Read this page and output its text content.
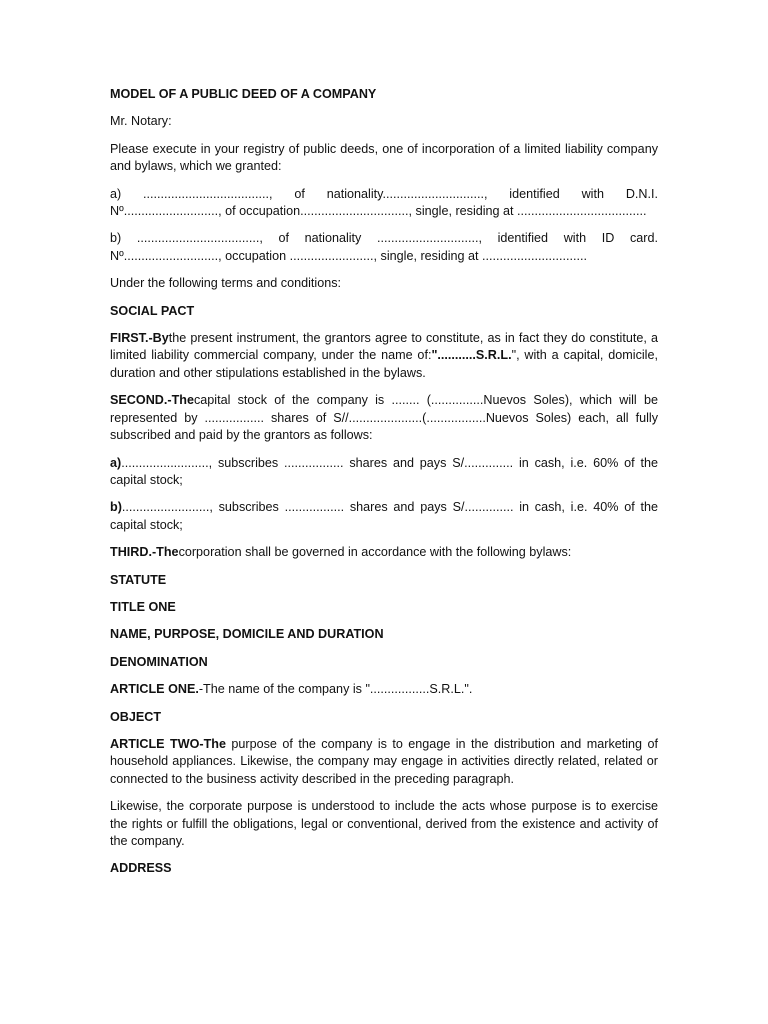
MODEL OF A PUBLIC DEED OF A COMPANY

Mr. Notary:

Please execute in your registry of public deeds, one of incorporation of a limited liability company and bylaws, which we granted:

a) ...................................., of nationality............................., identified with D.N.I. Nº..........................., of occupation..............................., single, residing at .....................................

b) ..................................., of nationality ............................., identified with ID card. Nº..........................., occupation ........................, single, residing at ..............................

Under the following terms and conditions:

SOCIAL PACT

FIRST.-Bythe present instrument, the grantors agree to constitute, as in fact they do constitute, a limited liability commercial company, under the name of:"...........S.R.L.", with a capital, domicile, duration and other stipulations established in the bylaws.

SECOND.-Thecapital stock of the company is ........ (...............Nuevos Soles), which will be represented by ................. shares of S//.....................(.................Nuevos Soles) each, all fully subscribed and paid by the grantors as follows:

a)........................., subscribes ................. shares and pays S/.............. in cash, i.e. 60% of the capital stock;

b)........................., subscribes ................. shares and pays S/.............. in cash, i.e. 40% of the capital stock;

THIRD.-Thecorporation shall be governed in accordance with the following bylaws:

STATUTE

TITLE ONE

NAME, PURPOSE, DOMICILE AND DURATION

DENOMINATION

ARTICLE ONE.-The name of the company is ".................S.R.L.".

OBJECT

ARTICLE TWO-The purpose of the company is to engage in the distribution and marketing of household appliances. Likewise, the company may engage in activities directly related, related or connected to the business activity described in the preceding paragraph.

Likewise, the corporate purpose is understood to include the acts whose purpose is to exercise the rights or fulfill the obligations, legal or conventional, derived from the existence and activity of the company.

ADDRESS
